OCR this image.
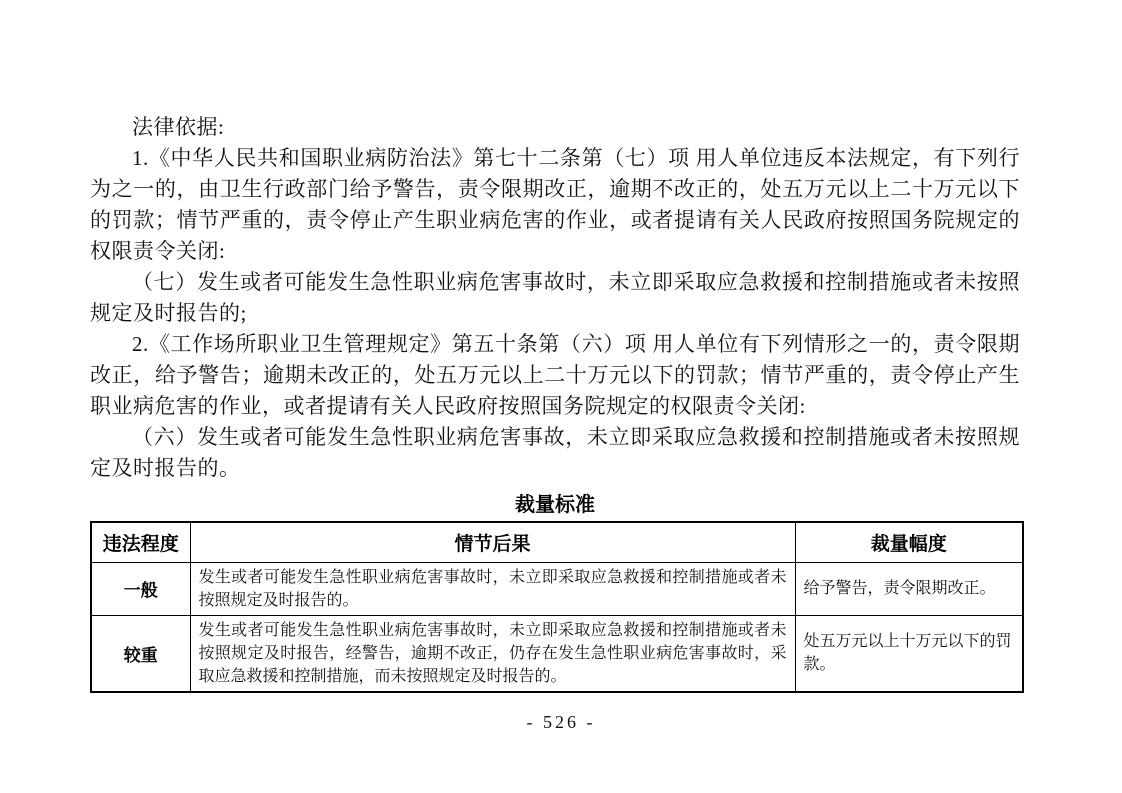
法律依据:

1.《中华人民共和国职业病防治法》第七十二条第（七）项 用人单位违反本法规定，有下列行为之一的，由卫生行政部门给予警告，责令限期改正，逾期不改正的，处五万元以上二十万元以下的罚款；情节严重的，责令停止产生职业病危害的作业，或者提请有关人民政府按照国务院规定的权限责令关闭:

（七）发生或者可能发生急性职业病危害事故时，未立即采取应急救援和控制措施或者未按照规定及时报告的;

2.《工作场所职业卫生管理规定》第五十条第（六）项 用人单位有下列情形之一的，责令限期改正，给予警告；逾期未改正的，处五万元以上二十万元以下的罚款；情节严重的，责令停止产生职业病危害的作业，或者提请有关人民政府按照国务院规定的权限责令关闭:

（六）发生或者可能发生急性职业病危害事故，未立即采取应急救援和控制措施或者未按照规定及时报告的。

裁量标准
违法程度	情节后果	裁量幅度
一般	发生或者可能发生急性职业病危害事故时，未立即采取应急救援和控制措施或者未按照规定及时报告的。	给予警告，责令限期改正。
较重	发生或者可能发生急性职业病危害事故时，未立即采取应急救援和控制措施或者未按照规定及时报告，经警告，逾期不改正，仍存在发生急性职业病危害事故时，采取应急救援和控制措施，而未按照规定及时报告的。	处五万元以上十万元以下的罚款。
- 526 -
